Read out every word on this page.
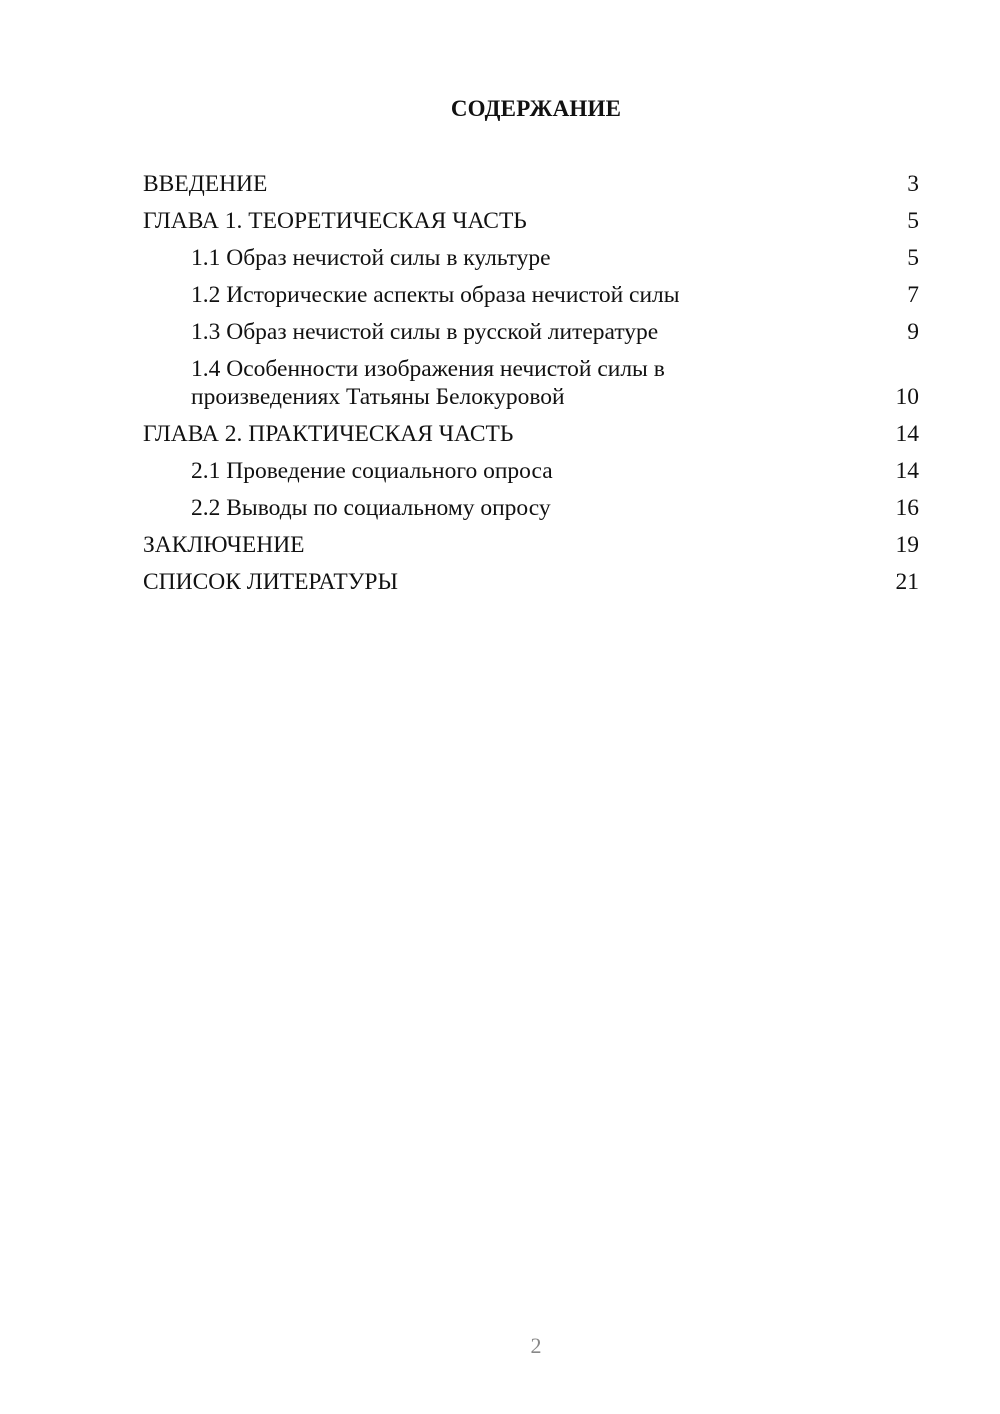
СОДЕРЖАНИЕ
ВВЕДЕНИЕ	3
ГЛАВА 1. ТЕОРЕТИЧЕСКАЯ ЧАСТЬ	5
1.1 Образ нечистой силы в культуре	5
1.2 Исторические аспекты образа нечистой силы	7
1.3 Образ нечистой силы в русской литературе	9
1.4 Особенности изображения нечистой силы в произведениях Татьяны Белокуровой	10
ГЛАВА 2. ПРАКТИЧЕСКАЯ ЧАСТЬ	14
2.1 Проведение социального опроса	14
2.2 Выводы по социальному опросу	16
ЗАКЛЮЧЕНИЕ	19
СПИСОК ЛИТЕРАТУРЫ	21
2
